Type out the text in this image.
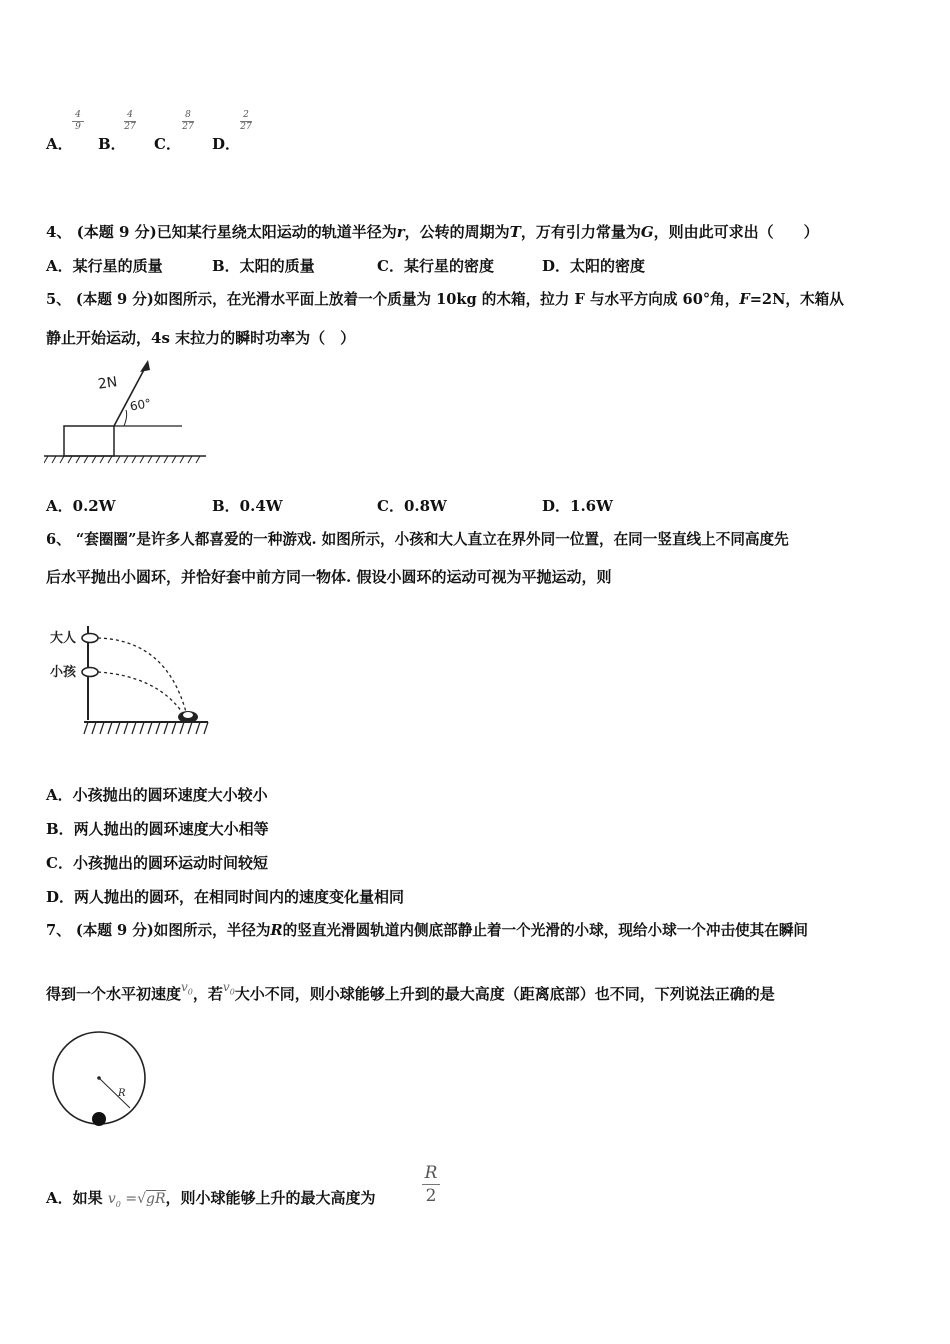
A．
4
9
B．
4
27
C．
8
27
D．
2
27
4、 (本题 9 分)已知某行星绕太阳运动的轨道半径为r，公转的周期为T，万有引力常量为G，则由此可求出（　　）
A．某行星的质量	B．太阳的质量	C．某行星的密度	D．太阳的密度
5、 (本题 9 分)如图所示，在光滑水平面上放着一个质量为 10kg 的木箱，拉力 F 与水平方向成 60°角，F=2N，木箱从
静止开始运动，4s 末拉力的瞬时功率为（　）
2N
60°
A．0.2W	B．0.4W	C．0.8W	D．1.6W
6、 “套圈圈”是许多人都喜爱的一种游戏. 如图所示，小孩和大人直立在界外同一位置，在同一竖直线上不同高度先
后水平抛出小圆环，并恰好套中前方同一物体. 假设小圆环的运动可视为平抛运动，则
大人
小孩
A．小孩抛出的圆环速度大小较小
B．两人抛出的圆环速度大小相等
C．小孩抛出的圆环运动时间较短
D．两人抛出的圆环，在相同时间内的速度变化量相同
7、 (本题 9 分)如图所示，半径为R的竖直光滑圆轨道内侧底部静止着一个光滑的小球，现给小球一个冲击使其在瞬间
得到一个水平初速度$^{v_0}$，若$^{v_0}$大小不同，则小球能够上升到的最大高度（距离底部）也不同，下列说法正确的是
R
A．如果 $v_0 =√gR$，则小球能够上升的最大高度为
R
2
